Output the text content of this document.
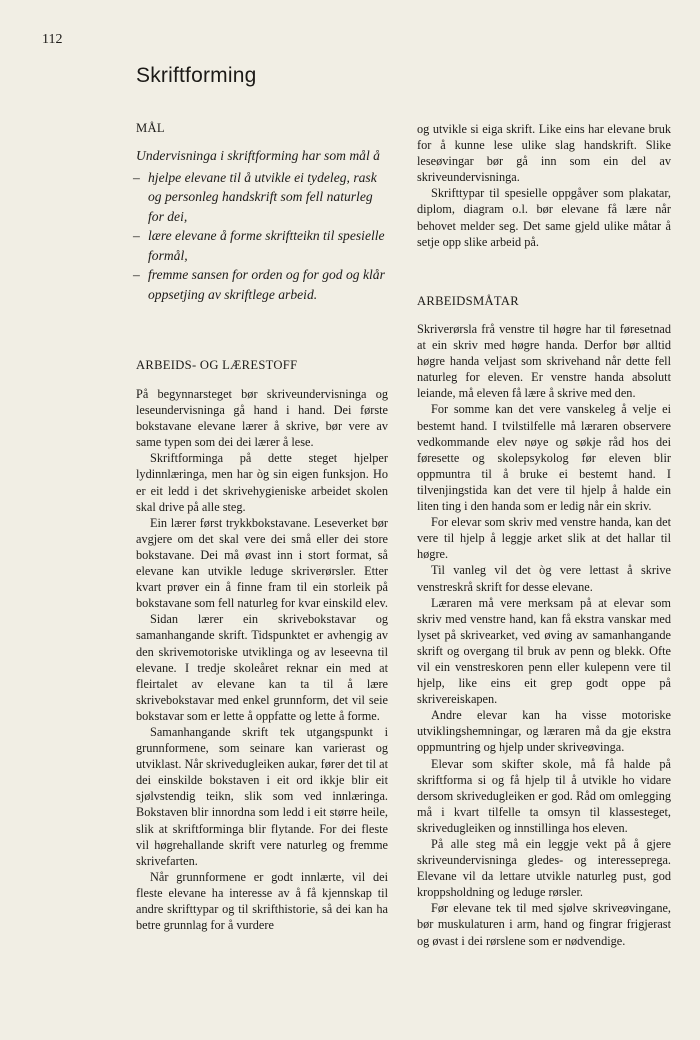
112
Skriftforming
MÅL

Undervisninga i skriftforming har som mål å

– hjelpe elevane til å utvikle ei tydeleg, rask og personleg handskrift som fell naturleg for dei,
– lære elevane å forme skriftteikn til spesielle formål,
– fremme sansen for orden og for god og klår oppsetjing av skriftlege arbeid.
ARBEIDS- OG LÆRESTOFF

På begynnarsteget bør skriveundervisninga og leseundervisninga gå hand i hand. Dei første bokstavane elevane lærer å skrive, bør vere av same typen som dei dei lærer å lese.

Skriftforminga på dette steget hjelper lydinnlæringa, men har òg sin eigen funksjon. Ho er eit ledd i det skrivehygieniske arbeidet skolen skal drive på alle steg.

Ein lærer først trykkbokstavane. Leseverket bør avgjere om det skal vere dei små eller dei store bokstavane. Dei må øvast inn i stort format, så elevane kan utvikle leduge skriverørsler. Etter kvart prøver ein å finne fram til ein storleik på bokstavane som fell naturleg for kvar einskild elev.

Sidan lærer ein skrivebokstavar og samanhangande skrift. Tidspunktet er avhengig av den skrivemotoriske utviklinga og av leseevna til elevane. I tredje skoleåret reknar ein med at fleirtalet av elevane kan ta til å lære skrivebokstavar med enkel grunnform, det vil seie bokstavar som er lette å oppfatte og lette å forme.

Samanhangande skrift tek utgangspunkt i grunnformene, som seinare kan varierast og utviklast. Når skrivedugleiken aukar, fører det til at dei einskilde bokstaven i eit ord ikkje blir eit sjølvstendig teikn, slik som ved innlæringa. Bokstaven blir innordna som ledd i eit større heile, slik at skriftforminga blir flytande. For dei fleste vil høgrehallande skrift vere naturleg og fremme skrivefarten.

Når grunnformene er godt innlærte, vil dei fleste elevane ha interesse av å få kjennskap til andre skrifttypar og til skrifthistorie, så dei kan ha betre grunnlag for å vurdere

og utvikle si eiga skrift. Like eins har elevane bruk for å kunne lese ulike slag handskrift. Slike leseøvingar bør gå inn som ein del av skriveundervisninga.

Skrifttypar til spesielle oppgåver som plakatar, diplom, diagram o.l. bør elevane få lære når behovet melder seg. Det same gjeld ulike måtar å setje opp slike arbeid på.

ARBEIDSMÅTAR

Skriverørsla frå venstre til høgre har til føresetnad at ein skriv med høgre handa. Derfor bør alltid høgre handa veljast som skrivehand når dette fell naturleg for eleven. Er venstre handa absolutt leiande, må eleven få lære å skrive med den.

For somme kan det vere vanskeleg å velje ei bestemt hand. I tvilstilfelle må læraren observere vedkommande elev nøye og søkje råd hos dei føresette og skolepsykolog før eleven blir oppmuntra til å bruke ei bestemt hand. I tilvenjingstida kan det vere til hjelp å halde ein liten ting i den handa som er ledig når ein skriv.

For elevar som skriv med venstre handa, kan det vere til hjelp å leggje arket slik at det hallar til høgre.

Til vanleg vil det òg vere lettast å skrive venstreskrå skrift for desse elevane.

Læraren må vere merksam på at elevar som skriv med venstre hand, kan få ekstra vanskar med lyset på skrivearket, ved øving av samanhangande skrift og overgang til bruk av penn og blekk. Ofte vil ein venstreskoren penn eller kulepenn vere til hjelp, like eins eit grep godt oppe på skrivereiskapen.

Andre elevar kan ha visse motoriske utviklingshemningar, og læraren må da gje ekstra oppmuntring og hjelp under skriveøvinga.

Elevar som skifter skole, må få halde på skriftforma si og få hjelp til å utvikle ho vidare dersom skrivedugleiken er god. Råd om omlegging må i kvart tilfelle ta omsyn til klassesteget, skrivedugleiken og innstillinga hos eleven.

På alle steg må ein leggje vekt på å gjere skriveundervisninga gledes- og interessepregа. Elevane vil da lettare utvikle naturleg pust, god kroppsholdning og leduge rørsler.

Før elevane tek til med sjølve skriveøvingane, bør muskulaturen i arm, hand og fingrar frigjerast og øvast i dei rørslene som er nødvendige.
